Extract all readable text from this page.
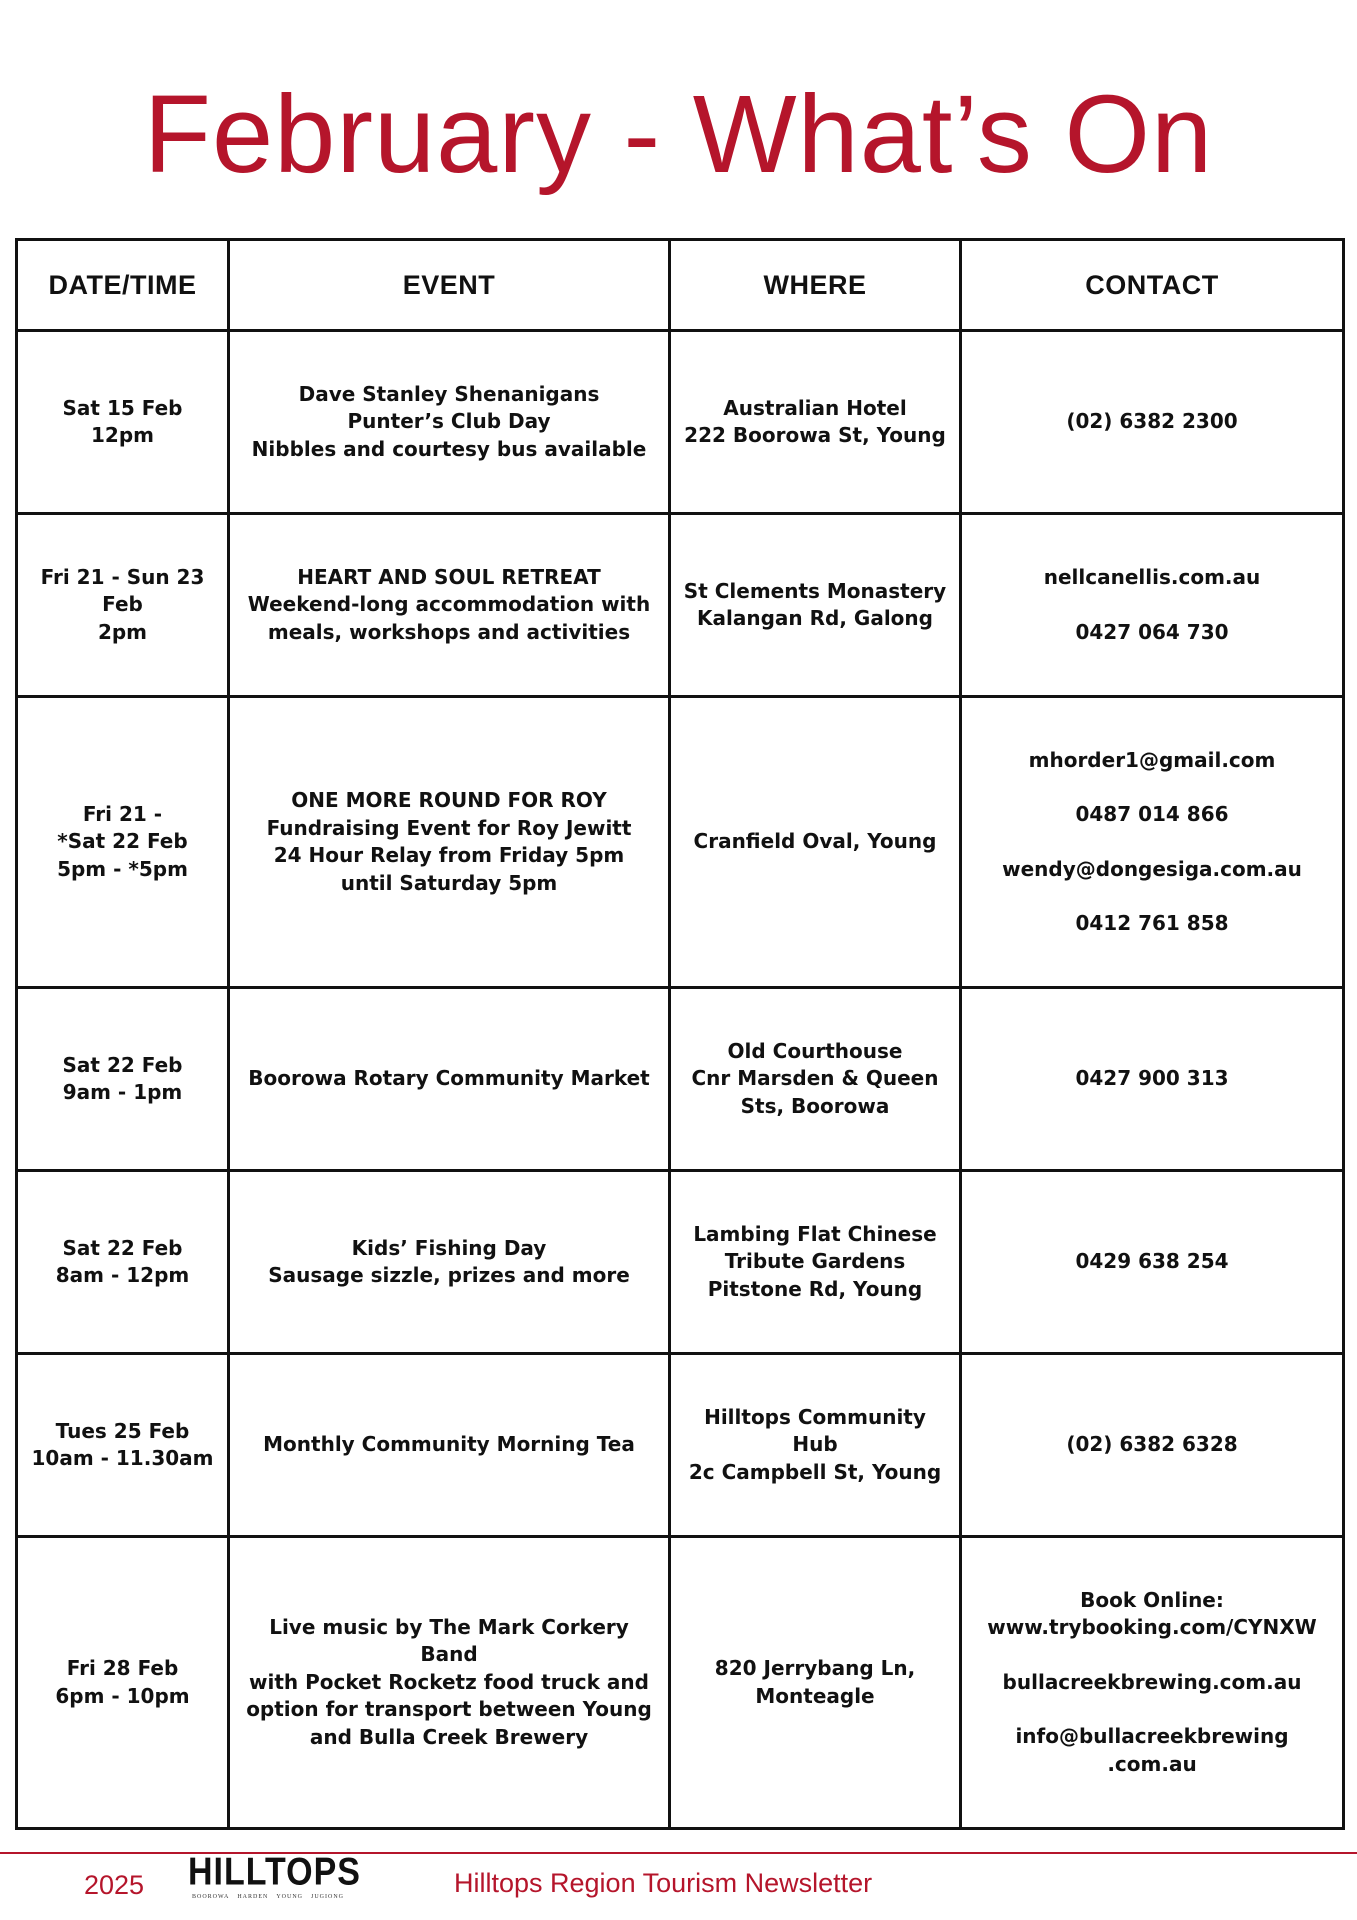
February - What’s On
DATE/TIME	EVENT	WHERE	CONTACT

Sat 15 Feb
12pm	Dave Stanley Shenanigans
Punter’s Club Day
Nibbles and courtesy bus available	Australian Hotel
222 Boorowa St, Young	(02) 6382 2300

Fri 21 - Sun 23
Feb
2pm	HEART AND SOUL RETREAT
Weekend-long accommodation with
meals, workshops and activities	St Clements Monastery
Kalangan Rd, Galong	nellcanellis.com.au
0427 064 730

Fri 21 -
*Sat 22 Feb
5pm - *5pm	ONE MORE ROUND FOR ROY
Fundraising Event for Roy Jewitt
24 Hour Relay from Friday 5pm
until Saturday 5pm	Cranfield Oval, Young	mhorder1@gmail.com
0487 014 866
wendy@dongesiga.com.au
0412 761 858

Sat 22 Feb
9am - 1pm	Boorowa Rotary Community Market	Old Courthouse
Cnr Marsden & Queen
Sts, Boorowa	0427 900 313

Sat 22 Feb
8am - 12pm	Kids’ Fishing Day
Sausage sizzle, prizes and more	Lambing Flat Chinese
Tribute Gardens
Pitstone Rd, Young	0429 638 254

Tues 25 Feb
10am - 11.30am	Monthly Community Morning Tea	Hilltops Community
Hub
2c Campbell St, Young	(02) 6382 6328

Fri 28 Feb
6pm - 10pm	Live music by The Mark Corkery Band
with Pocket Rocketz food truck and
option for transport between Young
and Bulla Creek Brewery	820 Jerrybang Ln,
Monteagle	Book Online:
www.trybooking.com/CYNXW
bullacreekbrewing.com.au
info@bullacreekbrewing
.com.au
2025 HILLTOPS
BOOROWA HARDEN YOUNG JUGIONG	Hilltops Region Tourism Newsletter
